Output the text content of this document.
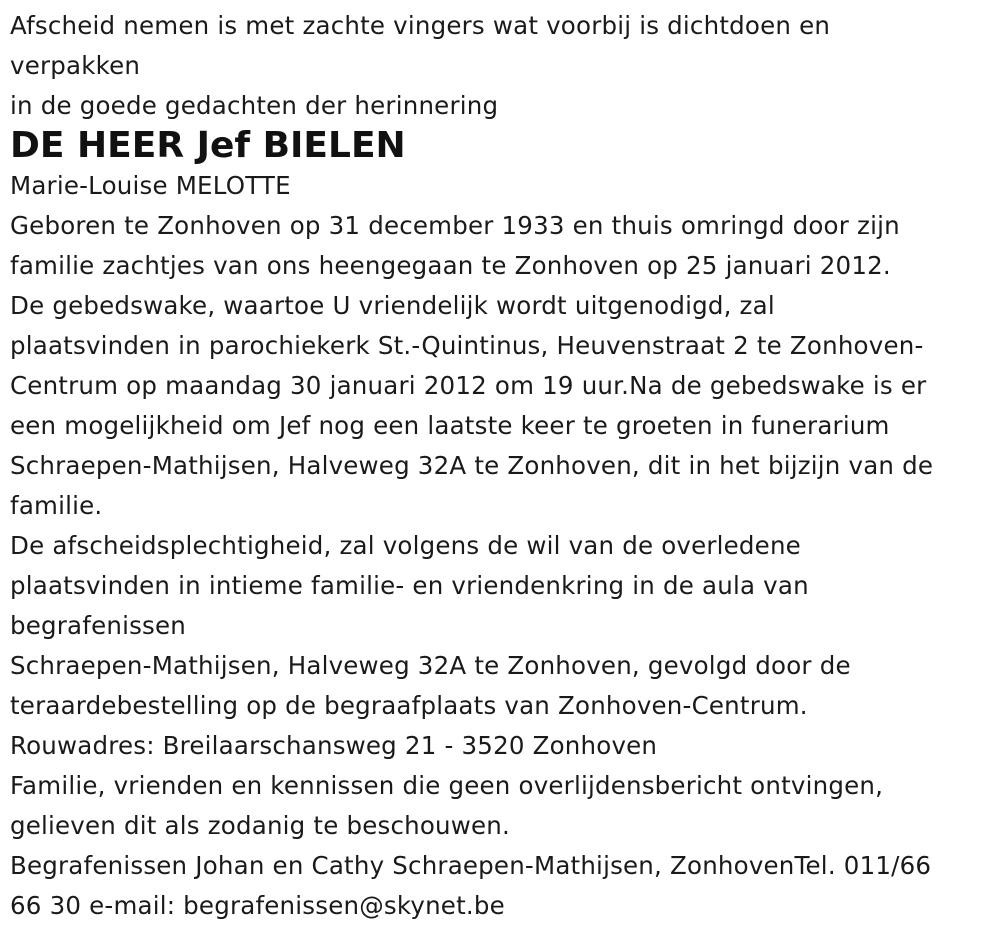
Afscheid nemen is met zachte vingers wat voorbij is dichtdoen en
verpakken
in de goede gedachten der herinnering
DE HEER Jef BIELEN
Marie-Louise MELOTTE
Geboren te Zonhoven op 31 december 1933 en thuis omringd door zijn
familie zachtjes van ons heengegaan te Zonhoven op 25 januari 2012.
De gebedswake, waartoe U vriendelijk wordt uitgenodigd, zal
plaatsvinden in parochiekerk St.-Quintinus, Heuvenstraat 2 te Zonhoven-
Centrum op maandag 30 januari 2012 om 19 uur.Na de gebedswake is er
een mogelijkheid om Jef nog een laatste keer te groeten in funerarium
Schraepen-Mathijsen, Halveweg 32A te Zonhoven, dit in het bijzijn van de
familie.
De afscheidsplechtigheid, zal volgens de wil van de overledene
plaatsvinden in intieme familie- en vriendenkring in de aula van
begrafenissen
Schraepen-Mathijsen, Halveweg 32A te Zonhoven, gevolgd door de
teraardebestelling op de begraafplaats van Zonhoven-Centrum.
Rouwadres: Breilaarschansweg 21 - 3520 Zonhoven
Familie, vrienden en kennissen die geen overlijdensbericht ontvingen,
gelieven dit als zodanig te beschouwen.
Begrafenissen Johan en Cathy Schraepen-Mathijsen, ZonhovenTel. 011/66
66 30 e-mail: begrafenissen@skynet.be
